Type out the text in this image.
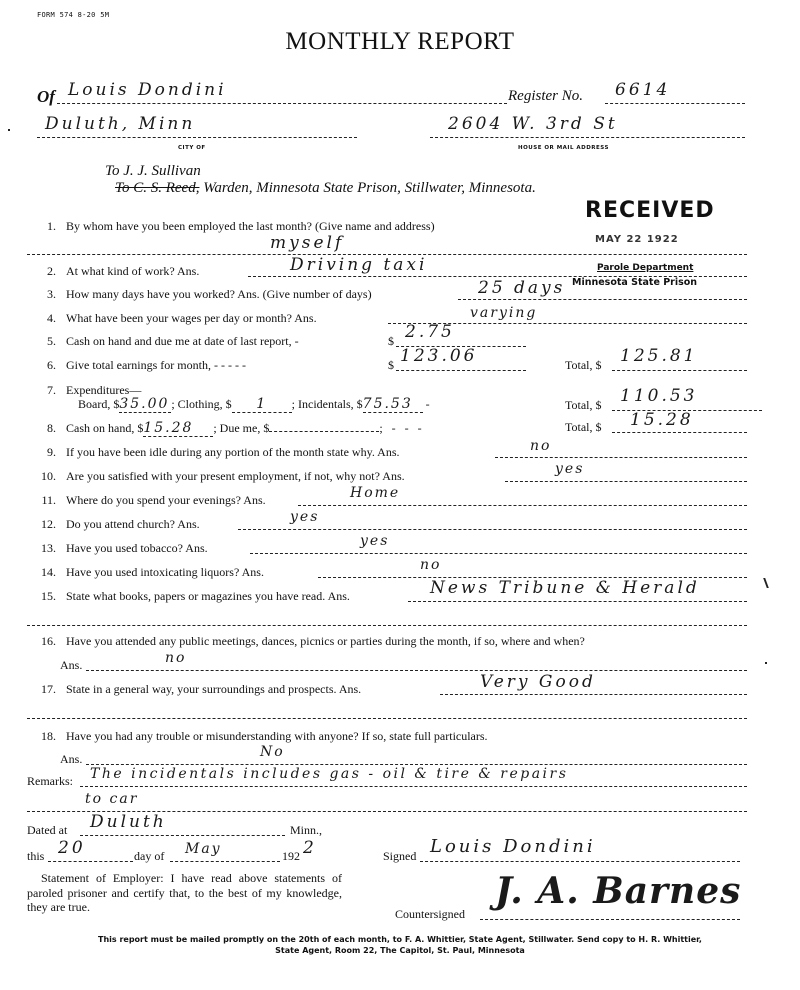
FORM 574 8-20 5M
MONTHLY REPORT
Of Louis Dondini	Register No. 6614
Duluth, Minn
CITY OF
2604 W. 3rd St
HOUSE OR MAIL ADDRESS
To J. J. Sullivan
To C. S. Reed, Warden, Minnesota State Prison, Stillwater, Minnesota.
RECEIVED
MAY 22 1922
Parole Department
Minnesota State Prison
1. By whom have you been employed the last month? (Give name and address)
myself
2. At what kind of work? Ans.	Driving taxi
3. How many days have you worked? Ans. (Give number of days)	25 days
4. What have been your wages per day or month? Ans.	varying
5. Cash on hand and due me at date of last report, -	$ 2.75
6. Give total earnings for month, - - - - -	$ 123.06	Total, $ 125.81
7. Expenditures—
Board, $35.00 ; Clothing, $ 1 ; Incidentals, $75.53 -	Total, $ 110.53
8. Cash on hand, $15.28 ; Due me, $	;   -   -   -	Total, $ 15.28
9. If you have been idle during any portion of the month state why. Ans.	no
10. Are you satisfied with your present employment, if not, why not? Ans.	yes
11. Where do you spend your evenings? Ans.	Home
12. Do you attend church? Ans.	yes
13. Have you used tobacco? Ans.	yes
14. Have you used intoxicating liquors? Ans.	no
15. State what books, papers or magazines you have read. Ans.	News Tribune & Herald
16. Have you attended any public meetings, dances, picnics or parties during the month, if so, where and when?
Ans.	no
17. State in a general way, your surroundings and prospects. Ans.	Very Good
18. Have you had any trouble or misunderstanding with anyone? If so, state full particulars.
Ans.	No
Remarks: The incidentals includes gas - oil & tire & repairs
to car
Dated at Duluth	Minn.,
this 20	day of May	192 2	Signed Louis Dondini
Statement of Employer: I have read above statements of paroled prisoner and certify that, to the best of my knowledge, they are true.	Countersigned
J. A. Barnes
This report must be mailed promptly on the 20th of each month, to F. A. Whittier, State Agent, Stillwater. Send copy to H. R. Whittier,
State Agent, Room 22, The Capitol, St. Paul, Minnesota
